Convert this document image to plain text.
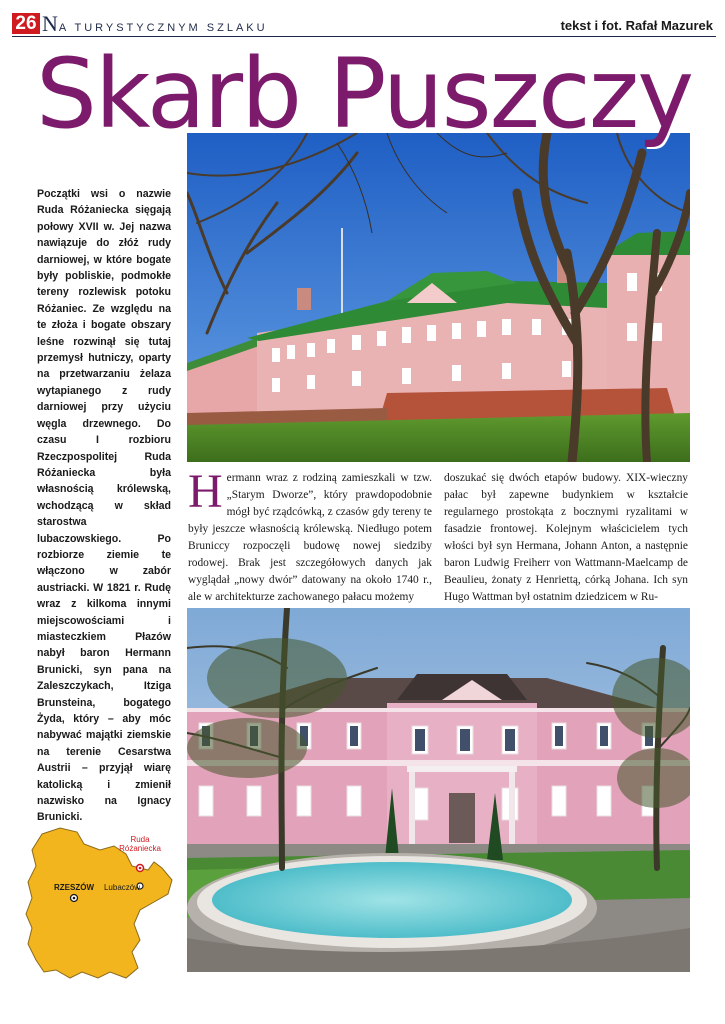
26 N A TURYSTYCZNYM SZLAKU	tekst i fot. Rafał Mazurek
Skarb Puszczy

Początki wsi o nazwie Ruda Różaniecka sięgają połowy XVII w. Jej nazwa nawiązuje do złóż rudy darniowej, w które bogate były pobliskie, podmokłe tereny rozlewisk potoku Różaniec. Ze względu na te złoża i bogate obszary leśne rozwinął się tutaj przemysł hutniczy, oparty na przetwarzaniu żelaza wytapianego z rudy darniowej przy użyciu węgla drzewnego. Do czasu I rozbioru Rzeczpospolitej Ruda Różaniecka była własnością królewską, wchodzącą w skład starostwa lubaczowskiego. Po rozbiorze ziemie te włączono w zabór austriacki. W 1821 r. Rudę wraz z kilkoma innymi miejscowościami i miasteczkiem Płazów nabył baron Hermann Brunicki, syn pana na Zaleszczykach, Itziga Brunsteina, bogatego Żyda, który – aby móc nabywać majątki ziemskie na terenie Cesarstwa Austrii – przyjął wiarę katolicką i zmienił nazwisko na Ignacy Brunicki.

Hermann wraz z rodziną zamieszkali w tzw. „Starym Dworze”, który prawdopodobnie mógł być rządcówką, z czasów gdy tereny te były jeszcze własnością królewską. Niedługo potem Bruniccy rozpoczęli budowę nowej siedziby rodowej. Brak jest szczegółowych danych jak wyglądał „nowy dwór” datowany na około 1740 r., ale w architekturze zachowanego pałacu możemy

doszukać się dwóch etapów budowy. XIX-wieczny pałac był zapewne budynkiem w kształcie regularnego prostokąta z bocznymi ryzalitami w fasadzie frontowej. Kolejnym właścicielem tych włości był syn Hermana, Johann Anton, a następnie baron Ludwig Freiherr von Wattmann-Maelcamp de Beaulieu, żonaty z Henriettą, córką Johana. Ich syn Hugo Wattman był ostatnim dziedzicem w Ru-

Ruda
Różaniecka
RZESZÓW Lubaczów
